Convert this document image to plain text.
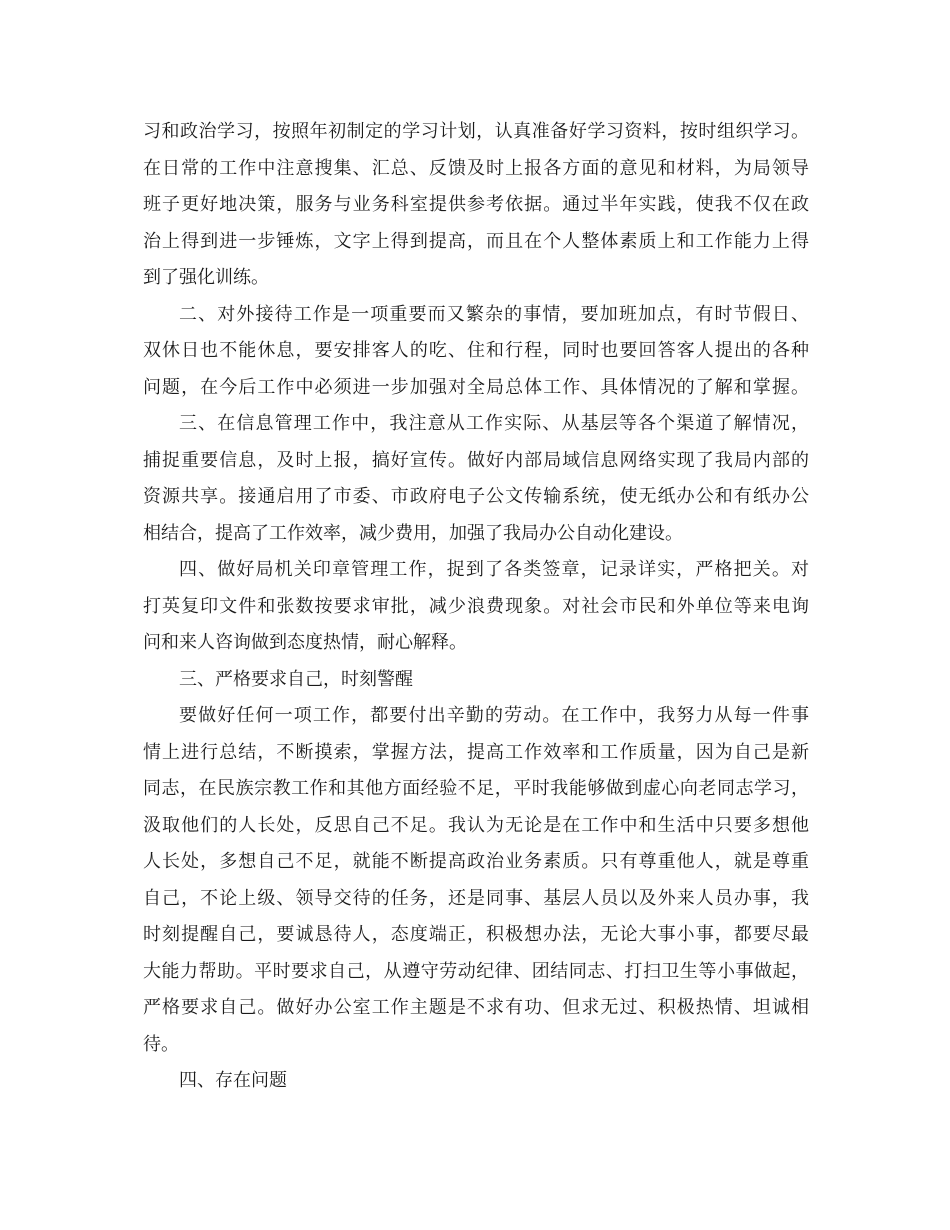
习和政治学习，按照年初制定的学习计划，认真准备好学习资料，按时组织学习。
在日常的工作中注意搜集、汇总、反馈及时上报各方面的意见和材料，为局领导
班子更好地决策，服务与业务科室提供参考依据。通过半年实践，使我不仅在政
治上得到进一步锤炼，文字上得到提高，而且在个人整体素质上和工作能力上得
到了强化训练。
二、对外接待工作是一项重要而又繁杂的事情，要加班加点，有时节假日、
双休日也不能休息，要安排客人的吃、住和行程，同时也要回答客人提出的各种
问题，在今后工作中必须进一步加强对全局总体工作、具体情况的了解和掌握。
三、在信息管理工作中，我注意从工作实际、从基层等各个渠道了解情况，
捕捉重要信息，及时上报，搞好宣传。做好内部局域信息网络实现了我局内部的
资源共享。接通启用了市委、市政府电子公文传输系统，使无纸办公和有纸办公
相结合，提高了工作效率，减少费用，加强了我局办公自动化建设。
四、做好局机关印章管理工作，捉到了各类签章，记录详实，严格把关。对
打英复印文件和张数按要求审批，减少浪费现象。对社会市民和外单位等来电询
问和来人咨询做到态度热情，耐心解释。
三、严格要求自己，时刻警醒
要做好任何一项工作，都要付出辛勤的劳动。在工作中，我努力从每一件事
情上进行总结，不断摸索，掌握方法，提高工作效率和工作质量，因为自己是新
同志，在民族宗教工作和其他方面经验不足，平时我能够做到虚心向老同志学习，
汲取他们的人长处，反思自己不足。我认为无论是在工作中和生活中只要多想他
人长处，多想自己不足，就能不断提高政治业务素质。只有尊重他人，就是尊重
自己，不论上级、领导交待的任务，还是同事、基层人员以及外来人员办事，我
时刻提醒自己，要诚恳待人，态度端正，积极想办法，无论大事小事，都要尽最
大能力帮助。平时要求自己，从遵守劳动纪律、团结同志、打扫卫生等小事做起，
严格要求自己。做好办公室工作主题是不求有功、但求无过、积极热情、坦诚相
待。
四、存在问题
